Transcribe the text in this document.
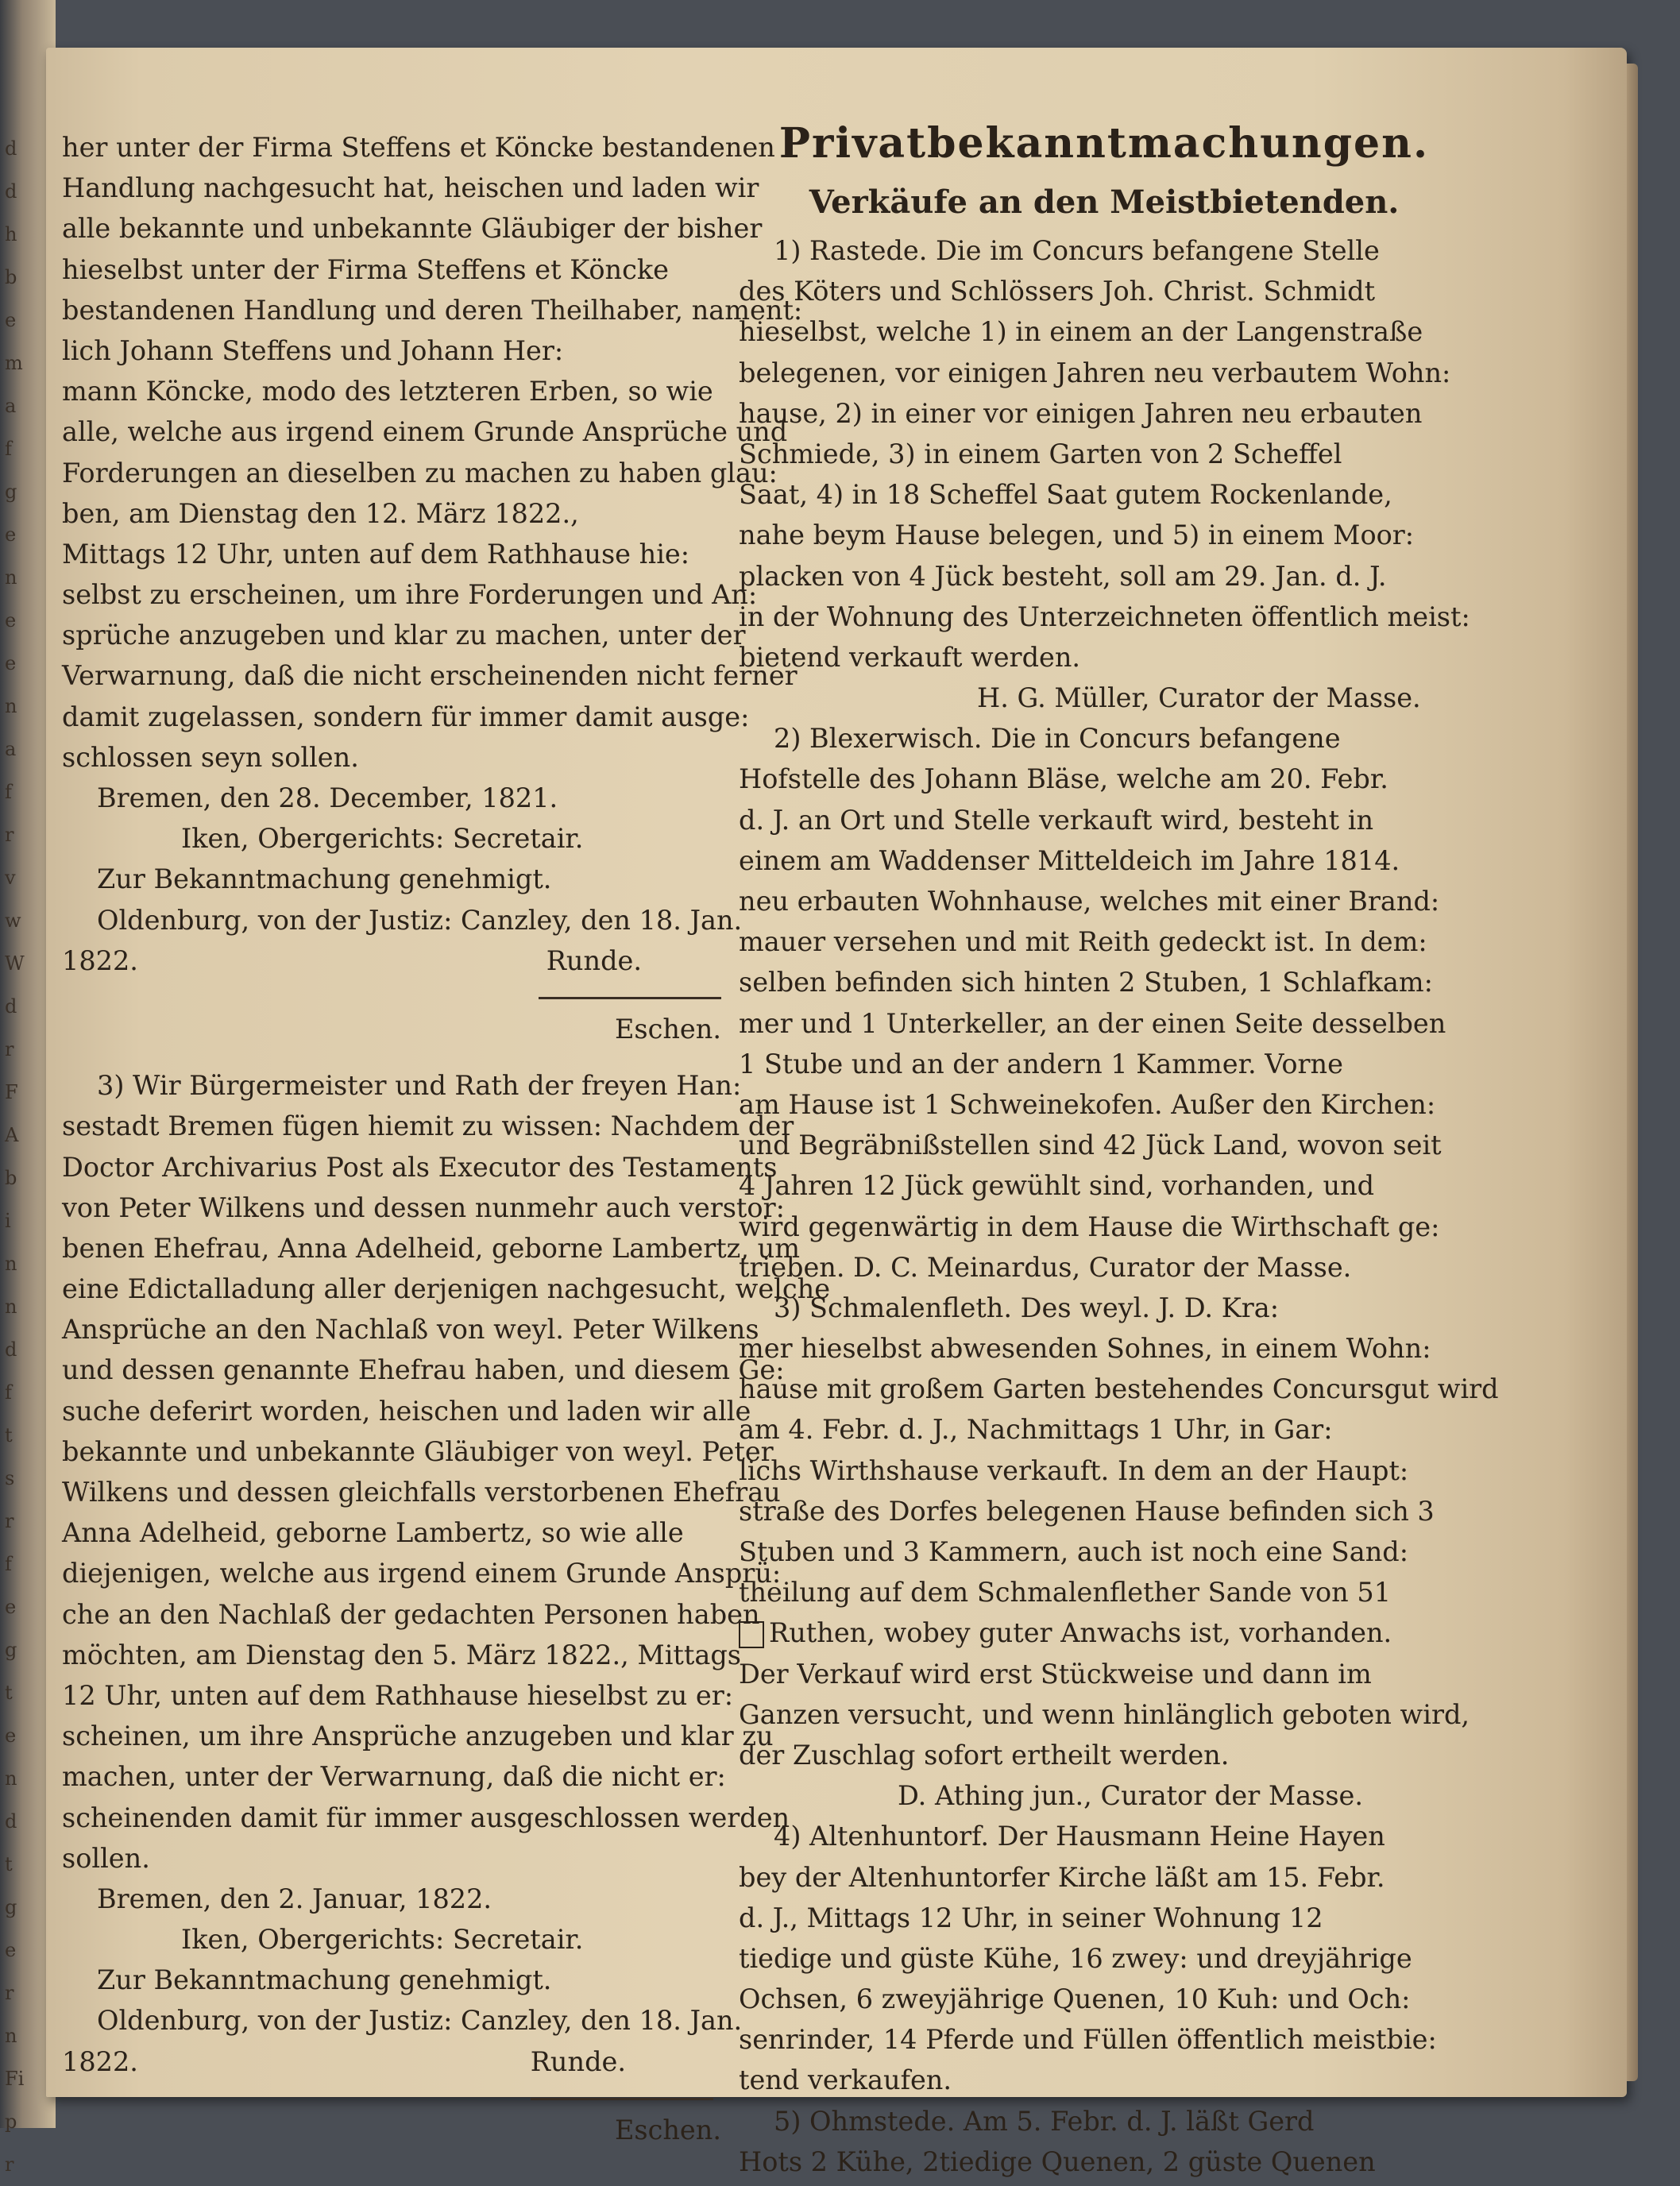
d
d
h
b
e
m
a
f
g
e
n
e
e
n
a
f
r
v
w
W
d
r
F
A
b
i
n
n
d
f
t
s
r
f
e
g
t
e
n
d
t
g
e
r
n
Fi
p
r
her unter der Firma Steffens et Köncke bestandenen
Handlung nachgesucht hat, heischen und laden wir
alle bekannte und unbekannte Gläubiger der bisher
hieselbst unter der Firma Steffens et Köncke
bestandenen Handlung und deren Theilhaber, nament:
lich Johann Steffens und Johann Her:
mann Köncke, modo des letzteren Erben, so wie
alle, welche aus irgend einem Grunde Ansprüche und
Forderungen an dieselben zu machen zu haben glau:
ben, am Dienstag den 12. März 1822.,
Mittags 12 Uhr, unten auf dem Rathhause hie:
selbst zu erscheinen, um ihre Forderungen und An:
sprüche anzugeben und klar zu machen, unter der
Verwarnung, daß die nicht erscheinenden nicht ferner
damit zugelassen, sondern für immer damit ausge:
schlossen seyn sollen.
Bremen, den 28. December, 1821.
Iken, Obergerichts: Secretair.
Zur Bekanntmachung genehmigt.
Oldenburg, von der Justiz: Canzley, den 18. Jan.
1822.	Runde.
Eschen.
3) Wir Bürgermeister und Rath der freyen Han:
sestadt Bremen fügen hiemit zu wissen: Nachdem der
Doctor Archivarius Post als Executor des Testaments
von Peter Wilkens und dessen nunmehr auch verstor:
benen Ehefrau, Anna Adelheid, geborne Lambertz, um
eine Edictalladung aller derjenigen nachgesucht, welche
Ansprüche an den Nachlaß von weyl. Peter Wilkens
und dessen genannte Ehefrau haben, und diesem Ge:
suche deferirt worden, heischen und laden wir alle
bekannte und unbekannte Gläubiger von weyl. Peter
Wilkens und dessen gleichfalls verstorbenen Ehefrau
Anna Adelheid, geborne Lambertz, so wie alle
diejenigen, welche aus irgend einem Grunde Ansprü:
che an den Nachlaß der gedachten Personen haben
möchten, am Dienstag den 5. März 1822., Mittags
12 Uhr, unten auf dem Rathhause hieselbst zu er:
scheinen, um ihre Ansprüche anzugeben und klar zu
machen, unter der Verwarnung, daß die nicht er:
scheinenden damit für immer ausgeschlossen werden
sollen.
Bremen, den 2. Januar, 1822.
Iken, Obergerichts: Secretair.
Zur Bekanntmachung genehmigt.
Oldenburg, von der Justiz: Canzley, den 18. Jan.
1822.	Runde.
Eschen.
Privatbekanntmachungen.
Verkäufe an den Meistbietenden.
1) Rastede. Die im Concurs befangene Stelle
des Köters und Schlössers Joh. Christ. Schmidt
hieselbst, welche 1) in einem an der Langenstraße
belegenen, vor einigen Jahren neu verbautem Wohn:
hause, 2) in einer vor einigen Jahren neu erbauten
Schmiede, 3) in einem Garten von 2 Scheffel
Saat, 4) in 18 Scheffel Saat gutem Rockenlande,
nahe beym Hause belegen, und 5) in einem Moor:
placken von 4 Jück besteht, soll am 29. Jan. d. J.
in der Wohnung des Unterzeichneten öffentlich meist:
bietend verkauft werden.
H. G. Müller, Curator der Masse.
2) Blexerwisch. Die in Concurs befangene
Hofstelle des Johann Bläse, welche am 20. Febr.
d. J. an Ort und Stelle verkauft wird, besteht in
einem am Waddenser Mitteldeich im Jahre 1814.
neu erbauten Wohnhause, welches mit einer Brand:
mauer versehen und mit Reith gedeckt ist. In dem:
selben befinden sich hinten 2 Stuben, 1 Schlafkam:
mer und 1 Unterkeller, an der einen Seite desselben
1 Stube und an der andern 1 Kammer. Vorne
am Hause ist 1 Schweinekofen. Außer den Kirchen:
und Begräbnißstellen sind 42 Jück Land, wovon seit
4 Jahren 12 Jück gewühlt sind, vorhanden, und
wird gegenwärtig in dem Hause die Wirthschaft ge:
trieben. D. C. Meinardus, Curator der Masse.
3) Schmalenfleth. Des weyl. J. D. Kra:
mer hieselbst abwesenden Sohnes, in einem Wohn:
hause mit großem Garten bestehendes Concursgut wird
am 4. Febr. d. J., Nachmittags 1 Uhr, in Gar:
lichs Wirthshause verkauft. In dem an der Haupt:
straße des Dorfes belegenen Hause befinden sich 3
Stuben und 3 Kammern, auch ist noch eine Sand:
theilung auf dem Schmalenflether Sande von 51
Ruthen, wobey guter Anwachs ist, vorhanden.
Der Verkauf wird erst Stückweise und dann im
Ganzen versucht, und wenn hinlänglich geboten wird,
der Zuschlag sofort ertheilt werden.
D. Athing jun., Curator der Masse.
4) Altenhuntorf. Der Hausmann Heine Hayen
bey der Altenhuntorfer Kirche läßt am 15. Febr.
d. J., Mittags 12 Uhr, in seiner Wohnung 12
tiedige und güste Kühe, 16 zwey: und dreyjährige
Ochsen, 6 zweyjährige Quenen, 10 Kuh: und Och:
senrinder, 14 Pferde und Füllen öffentlich meistbie:
tend verkaufen.
5) Ohmstede. Am 5. Febr. d. J. läßt Gerd
Hots 2 Kühe, 2tiedige Quenen, 2 güste Quenen
